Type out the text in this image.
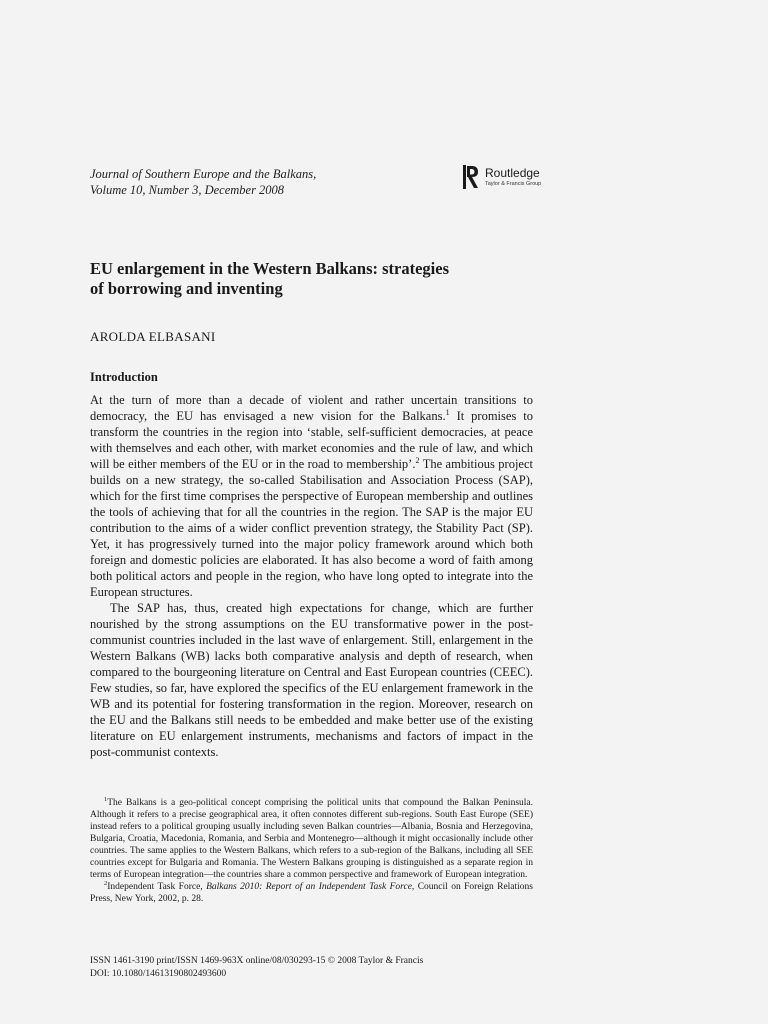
Journal of Southern Europe and the Balkans,
Volume 10, Number 3, December 2008
Routledge
Taylor & Francis Group
EU enlargement in the Western Balkans: strategies
of borrowing and inventing
AROLDA ELBASANI
Introduction

At the turn of more than a decade of violent and rather uncertain transitions to democracy, the EU has envisaged a new vision for the Balkans.$^1$ It promises to transform the countries in the region into ‘stable, self-sufficient democracies, at peace with themselves and each other, with market economies and the rule of law, and which will be either members of the EU or in the road to membership’.$^2$ The ambitious project builds on a new strategy, the so-called Stabilisation and Association Process (SAP), which for the first time comprises the perspective of European membership and outlines the tools of achieving that for all the countries in the region. The SAP is the major EU contribution to the aims of a wider conflict prevention strategy, the Stability Pact (SP). Yet, it has progressively turned into the major policy framework around which both foreign and domestic policies are elaborated. It has also become a word of faith among both political actors and people in the region, who have long opted to integrate into the European structures.

The SAP has, thus, created high expectations for change, which are further nourished by the strong assumptions on the EU transformative power in the post-communist countries included in the last wave of enlargement. Still, enlargement in the Western Balkans (WB) lacks both comparative analysis and depth of research, when compared to the bourgeoning literature on Central and East European countries (CEEC). Few studies, so far, have explored the specifics of the EU enlargement framework in the WB and its potential for fostering transformation in the region. Moreover, research on the EU and the Balkans still needs to be embedded and make better use of the existing literature on EU enlargement instruments, mechanisms and factors of impact in the post-communist contexts.

$^1$The Balkans is a geo-political concept comprising the political units that compound the Balkan Peninsula. Although it refers to a precise geographical area, it often connotes different sub-regions. South East Europe (SEE) instead refers to a political grouping usually including seven Balkan countries—Albania, Bosnia and Herzegovina, Bulgaria, Croatia, Macedonia, Romania, and Serbia and Montenegro—although it might occasionally include other countries. The same applies to the Western Balkans, which refers to a sub-region of the Balkans, including all SEE countries except for Bulgaria and Romania. The Western Balkans grouping is distinguished as a separate region in terms of European integration—the countries share a common perspective and framework of European integration.

$^2$Independent Task Force, Balkans 2010: Report of an Independent Task Force, Council on Foreign Relations Press, New York, 2002, p. 28.

ISSN 1461-3190 print/ISSN 1469-963X online/08/030293-15 © 2008 Taylor & Francis
DOI: 10.1080/14613190802493600
